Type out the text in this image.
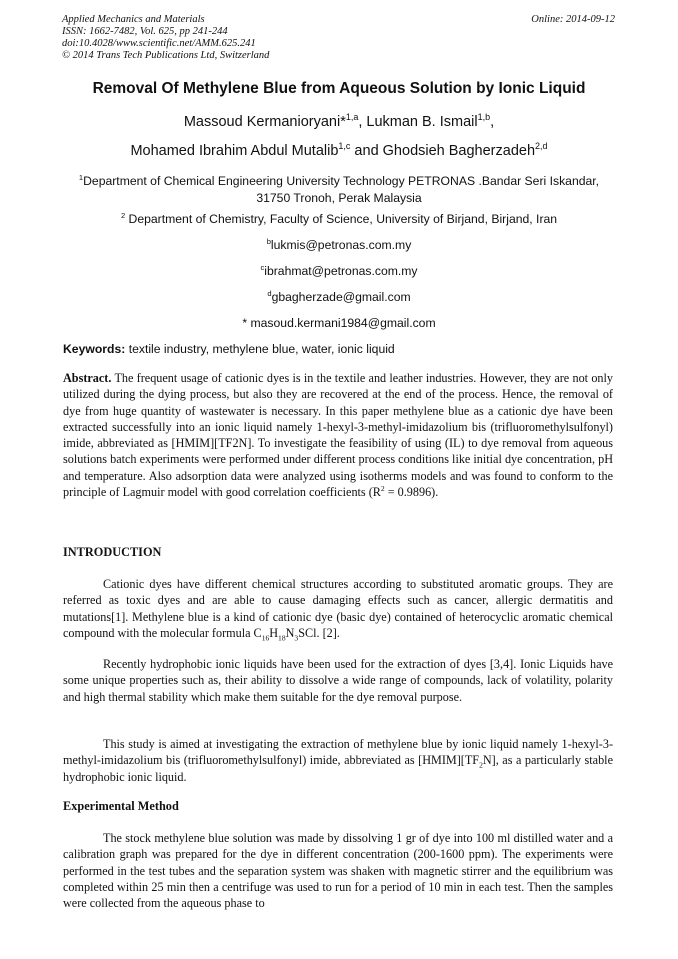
Applied Mechanics and Materials
ISSN: 1662-7482, Vol. 625, pp 241-244
doi:10.4028/www.scientific.net/AMM.625.241
© 2014 Trans Tech Publications Ltd, Switzerland
Online: 2014-09-12
Removal Of Methylene Blue from Aqueous Solution by Ionic Liquid
Massoud Kermanioryani*$^{1,a}$, Lukman B. Ismail$^{1,b}$,
Mohamed Ibrahim Abdul Mutalib$^{1,c}$ and Ghodsieh Bagherzadeh$^{2,d}$
$^1$Department of Chemical Engineering University Technology PETRONAS .Bandar Seri Iskandar,
31750 Tronoh, Perak Malaysia
$^2$ Department of Chemistry, Faculty of Science, University of Birjand, Birjand, Iran
$^b$lukmis@petronas.com.my
$^c$ibrahmat@petronas.com.my
$^d$gbagherzade@gmail.com
* masoud.kermani1984@gmail.com
Keywords: textile industry, methylene blue, water, ionic liquid
Abstract. The frequent usage of cationic dyes is in the textile and leather industries. However, they are not only utilized during the dying process, but also they are recovered at the end of the process. Hence, the removal of dye from huge quantity of wastewater is necessary. In this paper methylene blue as a cationic dye have been extracted successfully into an ionic liquid namely 1-hexyl-3-methyl-imidazolium bis (trifluoromethylsulfonyl) imide, abbreviated as [HMIM][TF2N]. To investigate the feasibility of using (IL) to dye removal from aqueous solutions batch experiments were performed under different process conditions like initial dye concentration, pH and temperature. Also adsorption data were analyzed using isotherms models and was found to conform to the principle of Lagmuir model with good correlation coefficients $(R^2 = 0.9896)$.
INTRODUCTION
Cationic dyes have different chemical structures according to substituted aromatic groups. They are referred as toxic dyes and are able to cause damaging effects such as cancer, allergic dermatitis and mutations[1]. Methylene blue is a kind of cationic dye (basic dye) contained of heterocyclic aromatic chemical compound with the molecular formula $C_{16}H_{18}N_3SCl$. [2].
Recently hydrophobic ionic liquids have been used for the extraction of dyes [3,4]. Ionic Liquids have some unique properties such as, their ability to dissolve a wide range of compounds, lack of volatility, polarity and high thermal stability which make them suitable for the dye removal purpose.
This study is aimed at investigating the extraction of methylene blue by ionic liquid namely 1-hexyl-3-methyl-imidazolium bis (trifluoromethylsulfonyl) imide, abbreviated as $[HMIM][TF_2N]$, as a particularly stable hydrophobic ionic liquid.
Experimental Method
The stock methylene blue solution was made by dissolving 1 gr of dye into 100 ml distilled water and a calibration graph was prepared for the dye in different concentration (200-1600 ppm). The experiments were performed in the test tubes and the separation system was shaken with magnetic stirrer and the equilibrium was completed within 25 min then a centrifuge was used to run for a period of 10 min in each test. Then the samples were collected from the aqueous phase to
